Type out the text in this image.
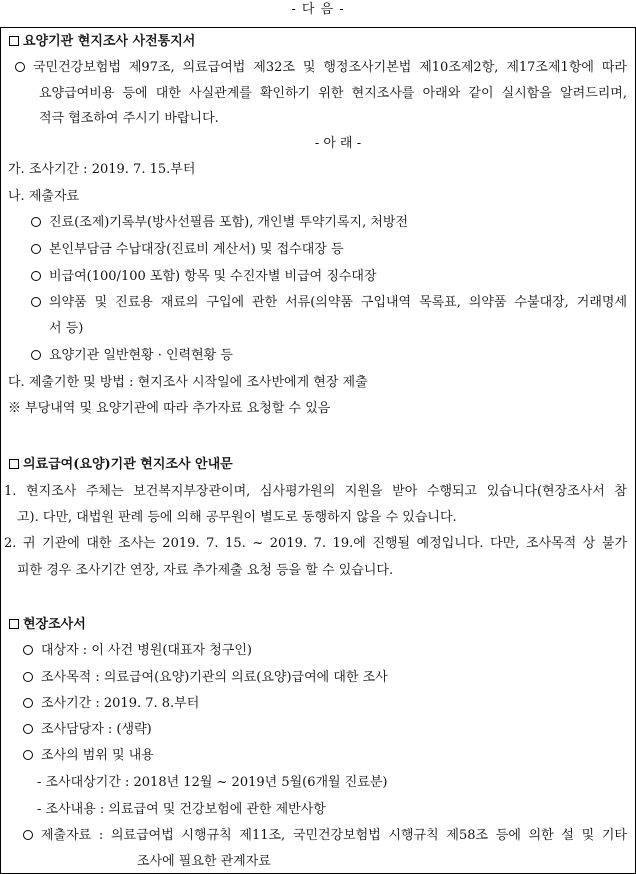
- 다 음 -
요양기관 현지조사 사전통지서
국민건강보험법 제97조, 의료급여법 제32조 및 행정조사기본법 제10조제2항, 제17조제1항에 따라
요양급여비용 등에 대한 사실관계를 확인하기 위한 현지조사를 아래와 같이 실시함을 알려드리며,
적극 협조하여 주시기 바랍니다.
- 아 래 -
가. 조사기간 : 2019. 7. 15.부터
나. 제출자료
진료(조제)기록부(방사선필름 포함), 개인별 투약기록지, 처방전
본인부담금 수납대장(진료비 계산서) 및 접수대장 등
비급여(100/100 포함) 항목 및 수진자별 비급여 징수대장
의약품 및 진료용 재료의 구입에 관한 서류(의약품 구입내역 목록표, 의약품 수불대장, 거래명세
서 등)
요양기관 일반현황 · 인력현황 등
다. 제출기한 및 방법 : 현지조사 시작일에 조사반에게 현장 제출
※ 부당내역 및 요양기관에 따라 추가자료 요청할 수 있음
의료급여(요양)기관 현지조사 안내문
1. 현지조사 주체는 보건복지부장관이며, 심사평가원의 지원을 받아 수행되고 있습니다(현장조사서 참
고). 다만, 대법원 판례 등에 의해 공무원이 별도로 동행하지 않을 수 있습니다.
2. 귀 기관에 대한 조사는 2019. 7. 15. ~ 2019. 7. 19.에 진행될 예정입니다. 다만, 조사목적 상 불가
피한 경우 조사기간 연장, 자료 추가제출 요청 등을 할 수 있습니다.
현장조사서
대상자 : 이 사건 병원(대표자 청구인)
조사목적 : 의료급여(요양)기관의 의료(요양)급여에 대한 조사
조사기간 : 2019. 7. 8.부터
조사담당자 : (생략)
조사의 범위 및 내용
- 조사대상기간 : 2018년 12월 ~ 2019년 5월(6개월 진료분)
- 조사내용 : 의료급여 및 건강보험에 관한 제반사항
제출자료 : 의료급여법 시행규칙 제11조, 국민건강보험법 시행규칙 제58조 등에 의한 설 및 기타
조사에 필요한 관계자료
